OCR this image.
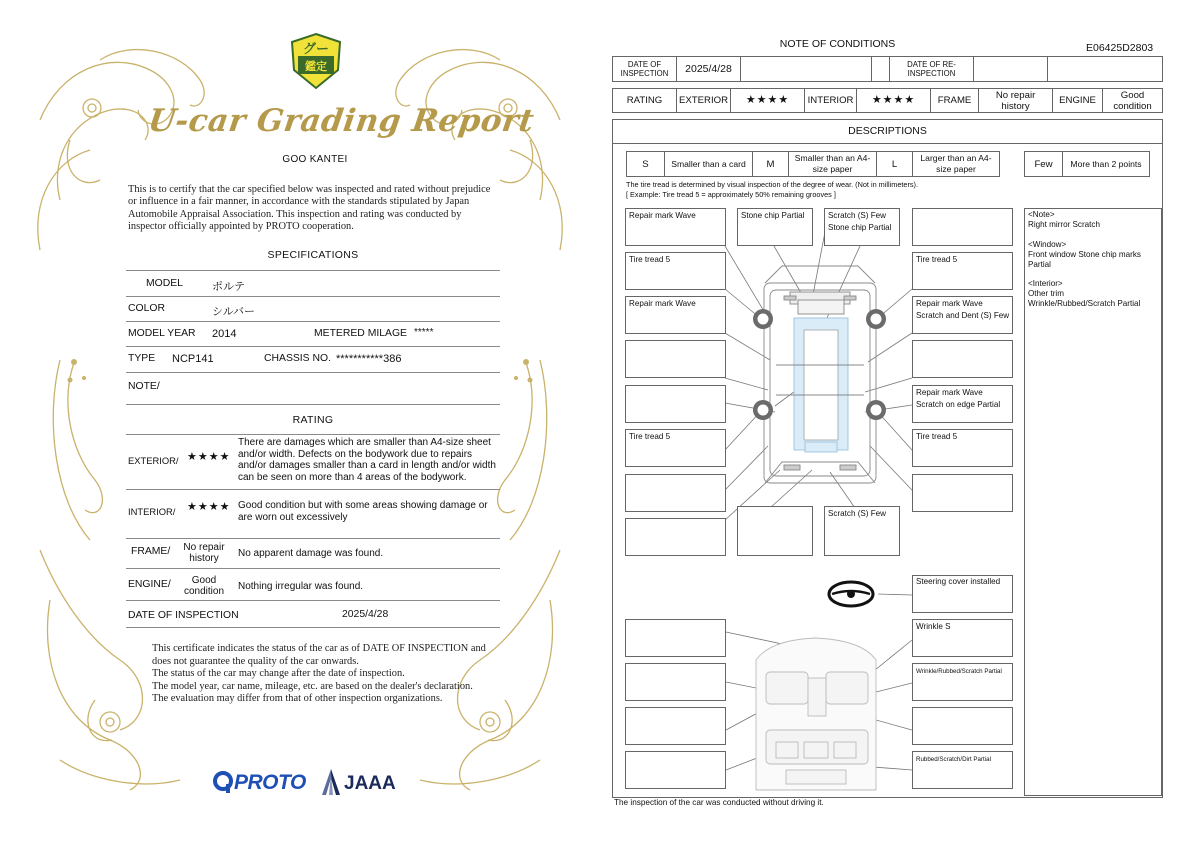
グー
鑑定
U-car Grading Report
GOO KANTEI
This is to certify that the car specified below was inspected and rated without prejudice or influence in a fair manner, in accordance with the standards stipulated by Japan Automobile Appraisal Association. This inspection and rating was conducted by inspector officially appointed by PROTO cooperation.
SPECIFICATIONS
MODEL	ポルテ
COLOR	シルバー
MODEL YEAR 2014	METERED MILAGE *****
TYPE NCP141	CHASSIS NO. ***********386
NOTE/
RATING
EXTERIOR/ ★★★★
There are damages which are smaller than A4-size sheet and/or width. Defects on the bodywork due to repairs and/or damages smaller than a card in length and/or width can be seen on more than 4 areas of the bodywork.
INTERIOR/ ★★★★ Good condition but with some areas showing damage or are worn out excessively
FRAME/	No repair history	No apparent damage was found.
ENGINE/	Good condition	Nothing irregular was found.
DATE OF INSPECTION	2025/4/28
This certificate indicates the status of the car as of DATE OF INSPECTION and does not guarantee the quality of the car onwards.
The status of the car may change after the date of inspection.
The model year, car name, mileage, etc. are based on the dealer's declaration.
The evaluation may differ from that of other inspection organizations.
PROTO JAAA
NOTE OF CONDITIONS	E06425D2803
DATE OF INSPECTION	2025/4/28			DATE OF RE-INSPECTION		
RATING	EXTERIOR	★★★★	INTERIOR	★★★★	FRAME	No repair history	ENGINE	Good condition
DESCRIPTIONS
S	Smaller than a card	M	Smaller than an A4-size paper	L	Larger than an A4-size paper	Few	More than 2 points
The tire tread is determined by visual inspection of the degree of wear. (Not in millimeters).
[ Example: Tire tread 5 = approximately 50% remaining grooves ]
Repair mark Wave	Stone chip Partial	Scratch (S) Few
Stone chip Partial
Tire tread 5	Tire tread 5
Repair mark Wave	Repair mark Wave
Scratch and Dent (S) Few
Repair mark Wave
Scratch on edge Partial
Tire tread 5	Tire tread 5
Scratch (S) Few
Steering cover installed
Wrinkle S
Wrinkle/Rubbed/Scratch Partial
Rubbed/Scratch/Dirt Partial
<Note>
Right mirror Scratch

<Window>
Front window Stone chip marks Partial

<Interior>
Other trim
Wrinkle/Rubbed/Scratch Partial
The inspection of the car was conducted without driving it.
